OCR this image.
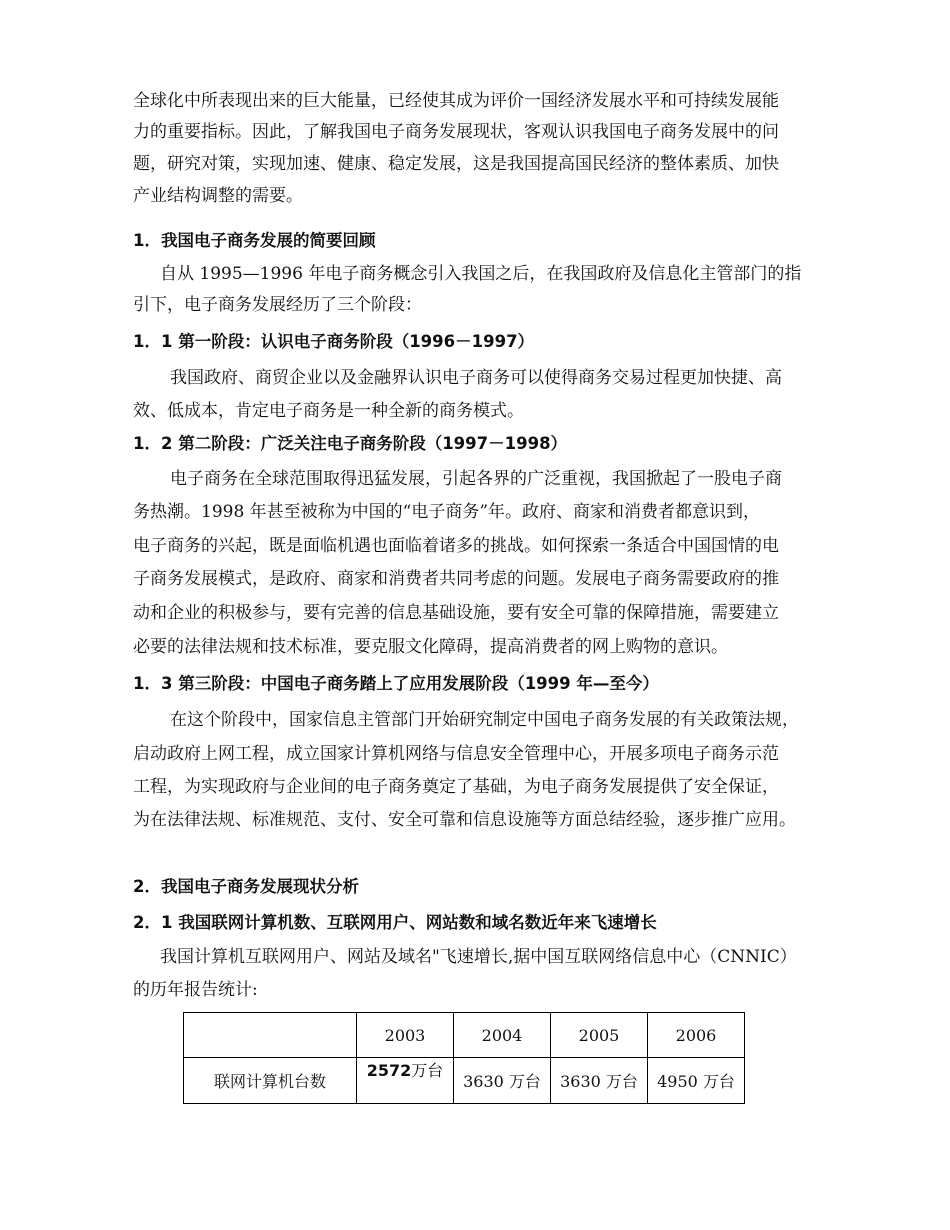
全球化中所表现出来的巨大能量，已经使其成为评价一国经济发展水平和可持续发展能
力的重要指标。因此，了解我国电子商务发展现状，客观认识我国电子商务发展中的问
题，研究对策，实现加速、健康、稳定发展，这是我国提高国民经济的整体素质、加快
产业结构调整的需要。
1．我国电子商务发展的简要回顾
自从 1995—1996 年电子商务概念引入我国之后，在我国政府及信息化主管部门的指
引下，电子商务发展经历了三个阶段：
1．1 第一阶段：认识电子商务阶段（1996－1997）
我国政府、商贸企业以及金融界认识电子商务可以使得商务交易过程更加快捷、高
效、低成本，肯定电子商务是一种全新的商务模式。
1．2 第二阶段：广泛关注电子商务阶段（1997－1998）
电子商务在全球范围取得迅猛发展，引起各界的广泛重视，我国掀起了一股电子商
务热潮。1998 年甚至被称为中国的“电子商务”年。政府、商家和消费者都意识到，
电子商务的兴起，既是面临机遇也面临着诸多的挑战。如何探索一条适合中国国情的电
子商务发展模式，是政府、商家和消费者共同考虑的问题。发展电子商务需要政府的推
动和企业的积极参与，要有完善的信息基础设施，要有安全可靠的保障措施，需要建立
必要的法律法规和技术标准，要克服文化障碍，提高消费者的网上购物的意识。
1．3 第三阶段：中国电子商务踏上了应用发展阶段（1999 年—至今）
在这个阶段中，国家信息主管部门开始研究制定中国电子商务发展的有关政策法规，
启动政府上网工程，成立国家计算机网络与信息安全管理中心，开展多项电子商务示范
工程，为实现政府与企业间的电子商务奠定了基础，为电子商务发展提供了安全保证，
为在法律法规、标准规范、支付、安全可靠和信息设施等方面总结经验，逐步推广应用。
2．我国电子商务发展现状分析
2．1 我国联网计算机数、互联网用户、网站数和域名数近年来飞速增长
我国计算机互联网用户、网站及域名"飞速增长,据中国互联网络信息中心（CNNIC）
的历年报告统计:
	2003	2004	2005	2006
联网计算机台数	2572万台	3630 万台	3630 万台	4950 万台
